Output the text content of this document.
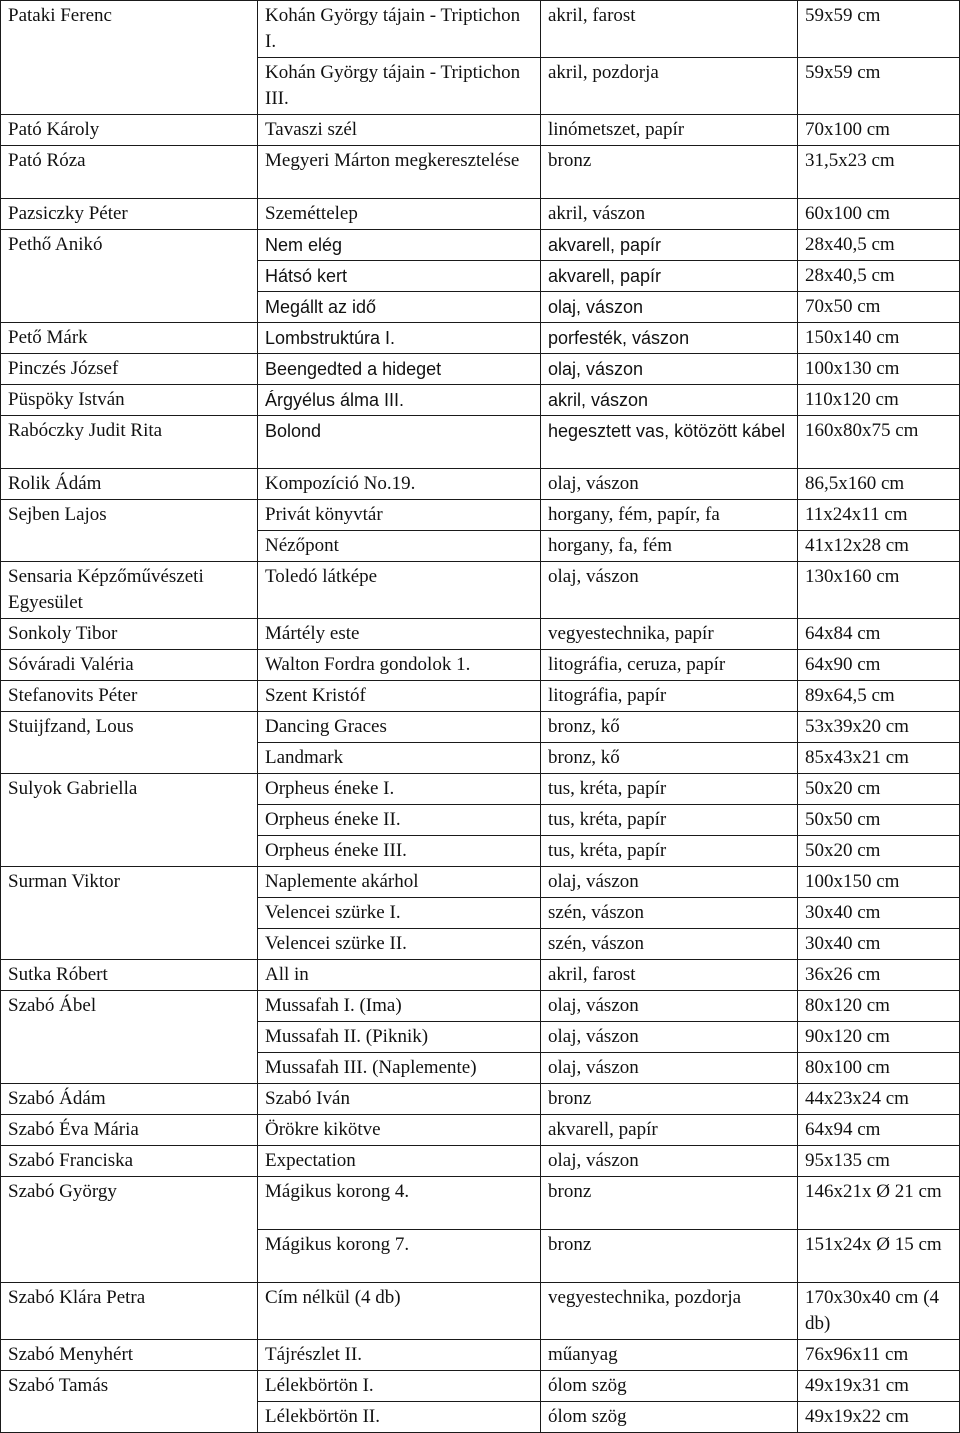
Pataki Ferenc	Kohán György tájain - Triptichon I.	akril, farost	59x59 cm
	Kohán György tájain - Triptichon III.	akril, pozdorja	59x59 cm
Pató Károly	Tavaszi szél	linómetszet, papír	70x100 cm
Pató Róza	Megyeri Márton megkeresztelése	bronz	31,5x23 cm
Pazsiczky Péter	Szeméttelep	akril, vászon	60x100 cm
Pethő Anikó	Nem elég	akvarell, papír	28x40,5 cm
	Hátsó kert	akvarell, papír	28x40,5 cm
	Megállt az idő	olaj, vászon	70x50 cm
Pető Márk	Lombstruktúra I.	porfesték, vászon	150x140 cm
Pinczés József	Beengedted a hideget	olaj, vászon	100x130 cm
Püspöky István	Árgyélus álma III.	akril, vászon	110x120 cm
Rabóczky Judit Rita	Bolond	hegesztett vas, kötözött kábel	160x80x75 cm
Rolik Ádám	Kompozíció No.19.	olaj, vászon	86,5x160 cm
Sejben Lajos	Privát könyvtár	horgany, fém, papír, fa	11x24x11 cm
	Nézőpont	horgany, fa, fém	41x12x28 cm
Sensaria Képzőművészeti Egyesület	Toledó látképe	olaj, vászon	130x160 cm
Sonkoly Tibor	Mártély este	vegyestechnika, papír	64x84 cm
Sóváradi Valéria	Walton Fordra gondolok 1.	litográfia, ceruza, papír	64x90 cm
Stefanovits Péter	Szent Kristóf	litográfia, papír	89x64,5 cm
Stuijfzand, Lous	Dancing Graces	bronz, kő	53x39x20 cm
	Landmark	bronz, kő	85x43x21 cm
Sulyok Gabriella	Orpheus éneke I.	tus, kréta, papír	50x20 cm
	Orpheus éneke II.	tus, kréta, papír	50x50 cm
	Orpheus éneke III.	tus, kréta, papír	50x20 cm
Surman Viktor	Naplemente akárhol	olaj, vászon	100x150 cm
	Velencei szürke I.	szén, vászon	30x40 cm
	Velencei szürke II.	szén, vászon	30x40 cm
Sutka Róbert	All in	akril, farost	36x26 cm
Szabó Ábel	Mussafah I. (Ima)	olaj, vászon	80x120 cm
	Mussafah II. (Piknik)	olaj, vászon	90x120 cm
	Mussafah III. (Naplemente)	olaj, vászon	80x100 cm
Szabó Ádám	Szabó Iván	bronz	44x23x24 cm
Szabó Éva Mária	Örökre kikötve	akvarell, papír	64x94 cm
Szabó Franciska	Expectation	olaj, vászon	95x135 cm
Szabó György	Mágikus korong 4.	bronz	146x21x Ø 21 cm
	Mágikus korong 7.	bronz	151x24x Ø 15 cm
Szabó Klára Petra	Cím nélkül (4 db)	vegyestechnika, pozdorja	170x30x40 cm (4 db)
Szabó Menyhért	Tájrészlet II.	műanyag	76x96x11 cm
Szabó Tamás	Lélekbörtön I.	ólom szög	49x19x31 cm
	Lélekbörtön II.	ólom szög	49x19x22 cm
